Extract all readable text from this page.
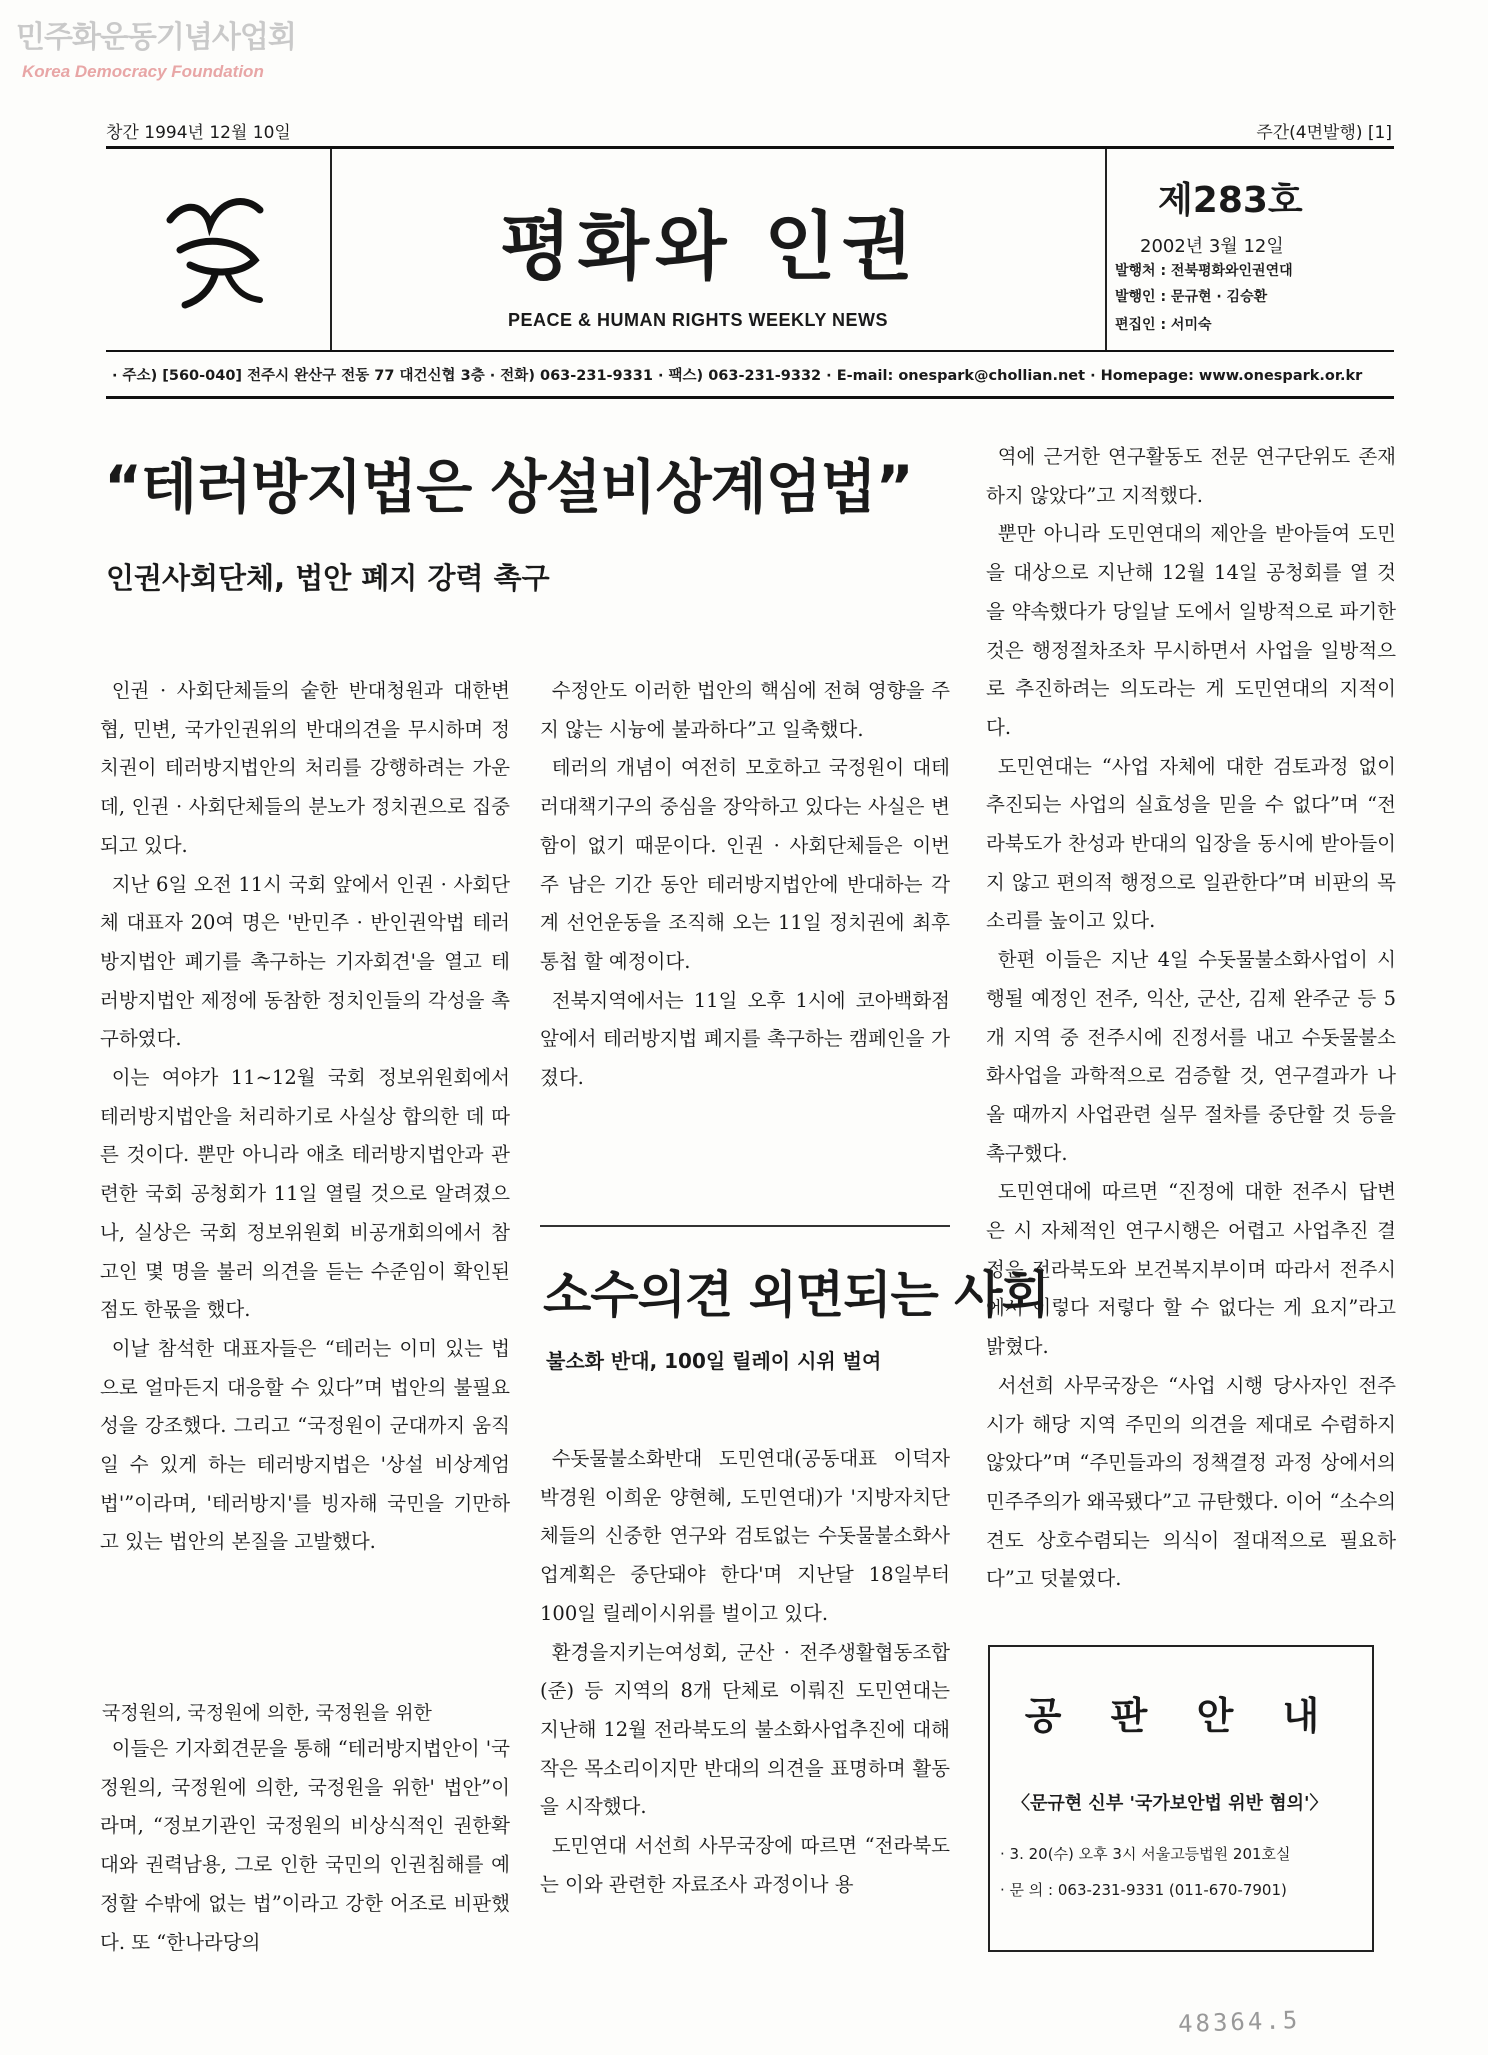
민주화운동기념사업회
Korea Democracy Foundation
창간 1994년 12월 10일	주간(4면발행) [1]
평화와 인권
PEACE & HUMAN RIGHTS WEEKLY NEWS
제283호
2002년 3월 12일
발행처 : 전북평화와인권연대
발행인 : 문규현 · 김승환
편집인 : 서미숙
· 주소) [560-040] 전주시 완산구 전동 77 대건신협 3층 · 전화) 063-231-9331 · 팩스) 063-231-9332 · E-mail: onespark@chollian.net · Homepage: www.onespark.or.kr
“테러방지법은 상설비상계엄법”
인권사회단체, 법안 폐지 강력 촉구

인권 · 사회단체들의 숱한 반대청원과 대한변협, 민변, 국가인권위의 반대의견을 무시하며 정치권이 테러방지법안의 처리를 강행하려는 가운데, 인권 · 사회단체들의 분노가 정치권으로 집중되고 있다.

지난 6일 오전 11시 국회 앞에서 인권 · 사회단체 대표자 20여 명은 '반민주 · 반인권악법 테러방지법안 폐기를 촉구하는 기자회견'을 열고 테러방지법안 제정에 동참한 정치인들의 각성을 촉구하였다.

이는 여야가 11~12월 국회 정보위원회에서 테러방지법안을 처리하기로 사실상 합의한 데 따른 것이다. 뿐만 아니라 애초 테러방지법안과 관련한 국회 공청회가 11일 열릴 것으로 알려졌으나, 실상은 국회 정보위원회 비공개회의에서 참고인 몇 명을 불러 의견을 듣는 수준임이 확인된 점도 한몫을 했다.

이날 참석한 대표자들은 “테러는 이미 있는 법으로 얼마든지 대응할 수 있다”며 법안의 불필요성을 강조했다. 그리고 “국정원이 군대까지 움직일 수 있게 하는 테러방지법은 '상설 비상계엄법'”이라며, '테러방지'를 빙자해 국민을 기만하고 있는 법안의 본질을 고발했다.

국정원의, 국정원에 의한, 국정원을 위한

이들은 기자회견문을 통해 “테러방지법안이 '국정원의, 국정원에 의한, 국정원을 위한' 법안”이라며, “정보기관인 국정원의 비상식적인 권한확대와 권력남용, 그로 인한 국민의 인권침해를 예정할 수밖에 없는 법”이라고 강한 어조로 비판했다. 또 “한나라당의

수정안도 이러한 법안의 핵심에 전혀 영향을 주지 않는 시늉에 불과하다”고 일축했다.

테러의 개념이 여전히 모호하고 국정원이 대테러대책기구의 중심을 장악하고 있다는 사실은 변함이 없기 때문이다. 인권 · 사회단체들은 이번 주 남은 기간 동안 테러방지법안에 반대하는 각계 선언운동을 조직해 오는 11일 정치권에 최후통첩 할 예정이다.

전북지역에서는 11일 오후 1시에 코아백화점 앞에서 테러방지법 폐지를 촉구하는 캠페인을 가졌다.

소수의견 외면되는 사회
불소화 반대, 100일 릴레이 시위 벌여

수돗물불소화반대 도민연대(공동대표 이덕자 박경원 이희운 양현혜, 도민연대)가 '지방자치단체들의 신중한 연구와 검토없는 수돗물불소화사업계획은 중단돼야 한다'며 지난달 18일부터 100일 릴레이시위를 벌이고 있다.

환경을지키는여성회, 군산 · 전주생활협동조합(준) 등 지역의 8개 단체로 이뤄진 도민연대는 지난해 12월 전라북도의 불소화사업추진에 대해 작은 목소리이지만 반대의 의견을 표명하며 활동을 시작했다.

도민연대 서선희 사무국장에 따르면 “전라북도는 이와 관련한 자료조사 과정이나 용

역에 근거한 연구활동도 전문 연구단위도 존재하지 않았다”고 지적했다.

뿐만 아니라 도민연대의 제안을 받아들여 도민을 대상으로 지난해 12월 14일 공청회를 열 것을 약속했다가 당일날 도에서 일방적으로 파기한 것은 행정절차조차 무시하면서 사업을 일방적으로 추진하려는 의도라는 게 도민연대의 지적이다.

도민연대는 “사업 자체에 대한 검토과정 없이 추진되는 사업의 실효성을 믿을 수 없다”며 “전라북도가 찬성과 반대의 입장을 동시에 받아들이지 않고 편의적 행정으로 일관한다”며 비판의 목소리를 높이고 있다.

한편 이들은 지난 4일 수돗물불소화사업이 시행될 예정인 전주, 익산, 군산, 김제 완주군 등 5개 지역 중 전주시에 진정서를 내고 수돗물불소화사업을 과학적으로 검증할 것, 연구결과가 나올 때까지 사업관련 실무 절차를 중단할 것 등을 촉구했다.

도민연대에 따르면 “진정에 대한 전주시 답변은 시 자체적인 연구시행은 어렵고 사업추진 결정은 전라북도와 보건복지부이며 따라서 전주시에서 이렇다 저렇다 할 수 없다는 게 요지”라고 밝혔다.

서선희 사무국장은 “사업 시행 당사자인 전주시가 해당 지역 주민의 의견을 제대로 수렴하지 않았다”며 “주민들과의 정책결정 과정 상에서의 민주주의가 왜곡됐다”고 규탄했다. 이어 “소수의견도 상호수렴되는 의식이 절대적으로 필요하다”고 덧붙였다.

공 판 안 내
〈문규현 신부 '국가보안법 위반 혐의'〉
· 3. 20(수) 오후 3시 서울고등법원 201호실
· 문 의 : 063-231-9331 (011-670-7901)
48364.5
